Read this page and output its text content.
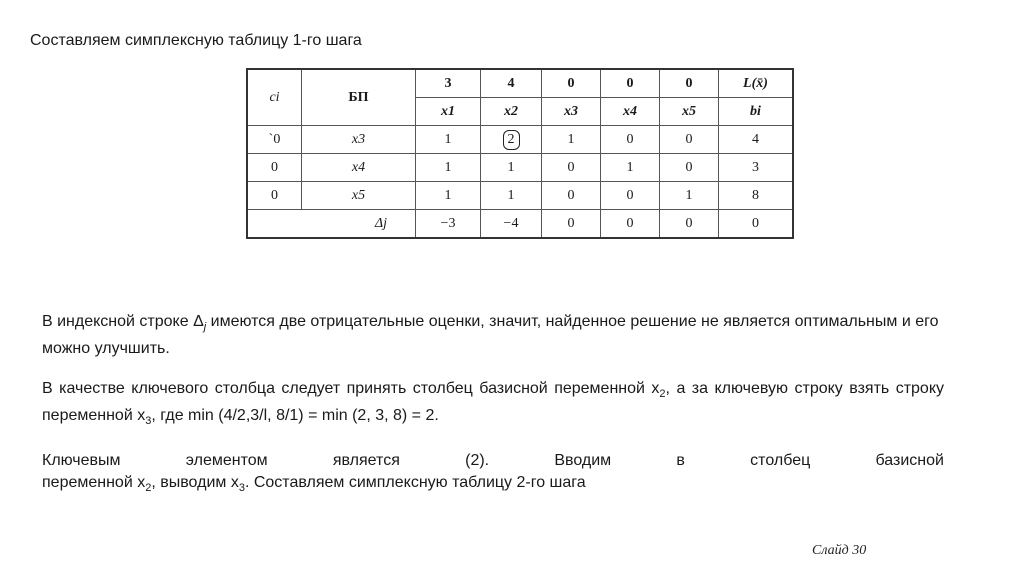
Составляем симплексную таблицу 1-го шага
ci	БП	3	4	0	0	0	L(x̄)
		x1	x2	x3	x4	x5	bi
`0	x3	1	2	1	0	0	4
0	x4	1	1	0	1	0	3
0	x5	1	1	0	0	1	8
Δj		−3	−4	0	0	0	0
В индексной строке $\Delta_j$ имеются две отрицательные оценки, значит, найденное решение не является оптимальным и его можно улучшить.
В качестве ключевого столбца следует принять столбец базисной переменной $x_2$, а за ключевую строку взять строку переменной $x_3$, где min (4/2,3/l, 8/1) = min (2, 3, 8) = 2.
Ключевым	элементом	является	(2).	Вводим	в	столбец	базисной
переменной $x_2$, выводим $x_3$. Составляем симплексную таблицу 2-го шага
Слайд 30
